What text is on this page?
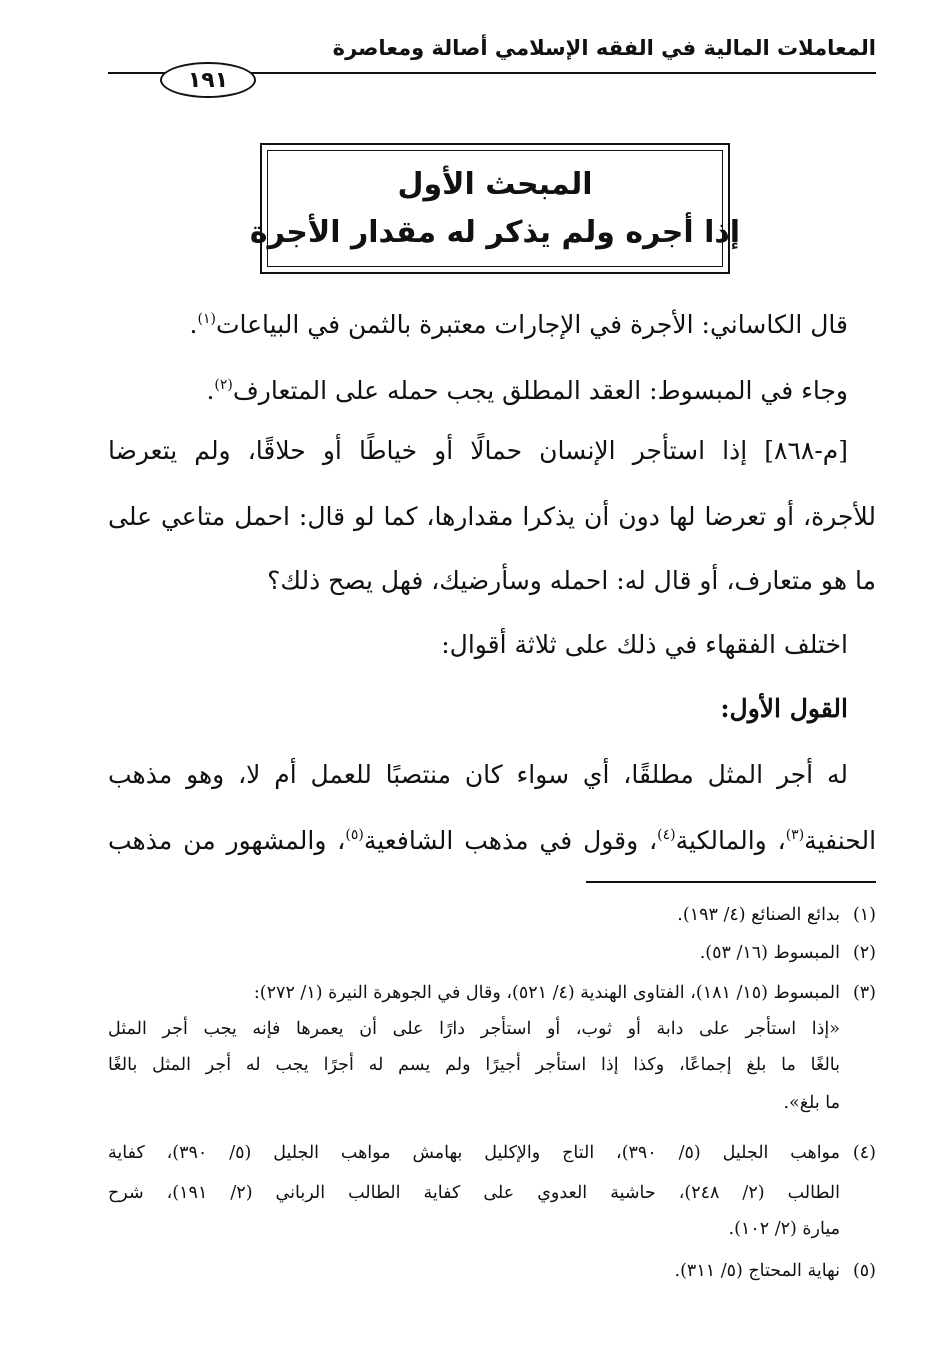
المعاملات المالية في الفقه الإسلامي أصالة ومعاصرة
١٩١
المبحث الأول
إذا أجره ولم يذكر له مقدار الأجرة
قال الكاساني: الأجرة في الإجارات معتبرة بالثمن في البياعات$^{(١)}$.
وجاء في المبسوط: العقد المطلق يجب حمله على المتعارف$^{(٢)}$.
[م-٨٦٨] إذا استأجر الإنسان حمالًا أو خياطًا أو حلاقًا، ولم يتعرضا
للأجرة، أو تعرضا لها دون أن يذكرا مقدارها، كما لو قال: احمل متاعي على
ما هو متعارف، أو قال له: احمله وسأرضيك، فهل يصح ذلك؟
اختلف الفقهاء في ذلك على ثلاثة أقوال:
القول الأول:
له أجر المثل مطلقًا، أي سواء كان منتصبًا للعمل أم لا، وهو مذهب
الحنفية$^{(٣)}$، والمالكية$^{(٤)}$، وقول في مذهب الشافعية$^{(٥)}$، والمشهور من مذهب
(١)بدائع الصنائع (٤/ ١٩٣).
(٢)المبسوط (١٦/ ٥٣).
(٣)المبسوط (١٥/ ١٨١)، الفتاوى الهندية (٤/ ٥٢١)، وقال في الجوهرة النيرة (١/ ٢٧٢):
«إذا استأجر على دابة أو ثوب، أو استأجر دارًا على أن يعمرها فإنه يجب أجر المثل
بالغًا ما بلغ إجماعًا، وكذا إذا استأجر أجيرًا ولم يسم له أجرًا يجب له أجر المثل بالغًا
ما بلغ».
(٤)مواهب الجليل (٥/ ٣٩٠)، التاج والإكليل بهامش مواهب الجليل (٥/ ٣٩٠)، كفاية
الطالب (٢/ ٢٤٨)، حاشية العدوي على كفاية الطالب الرباني (٢/ ١٩١)، شرح
ميارة (٢/ ١٠٢).
(٥)نهاية المحتاج (٥/ ٣١١).
